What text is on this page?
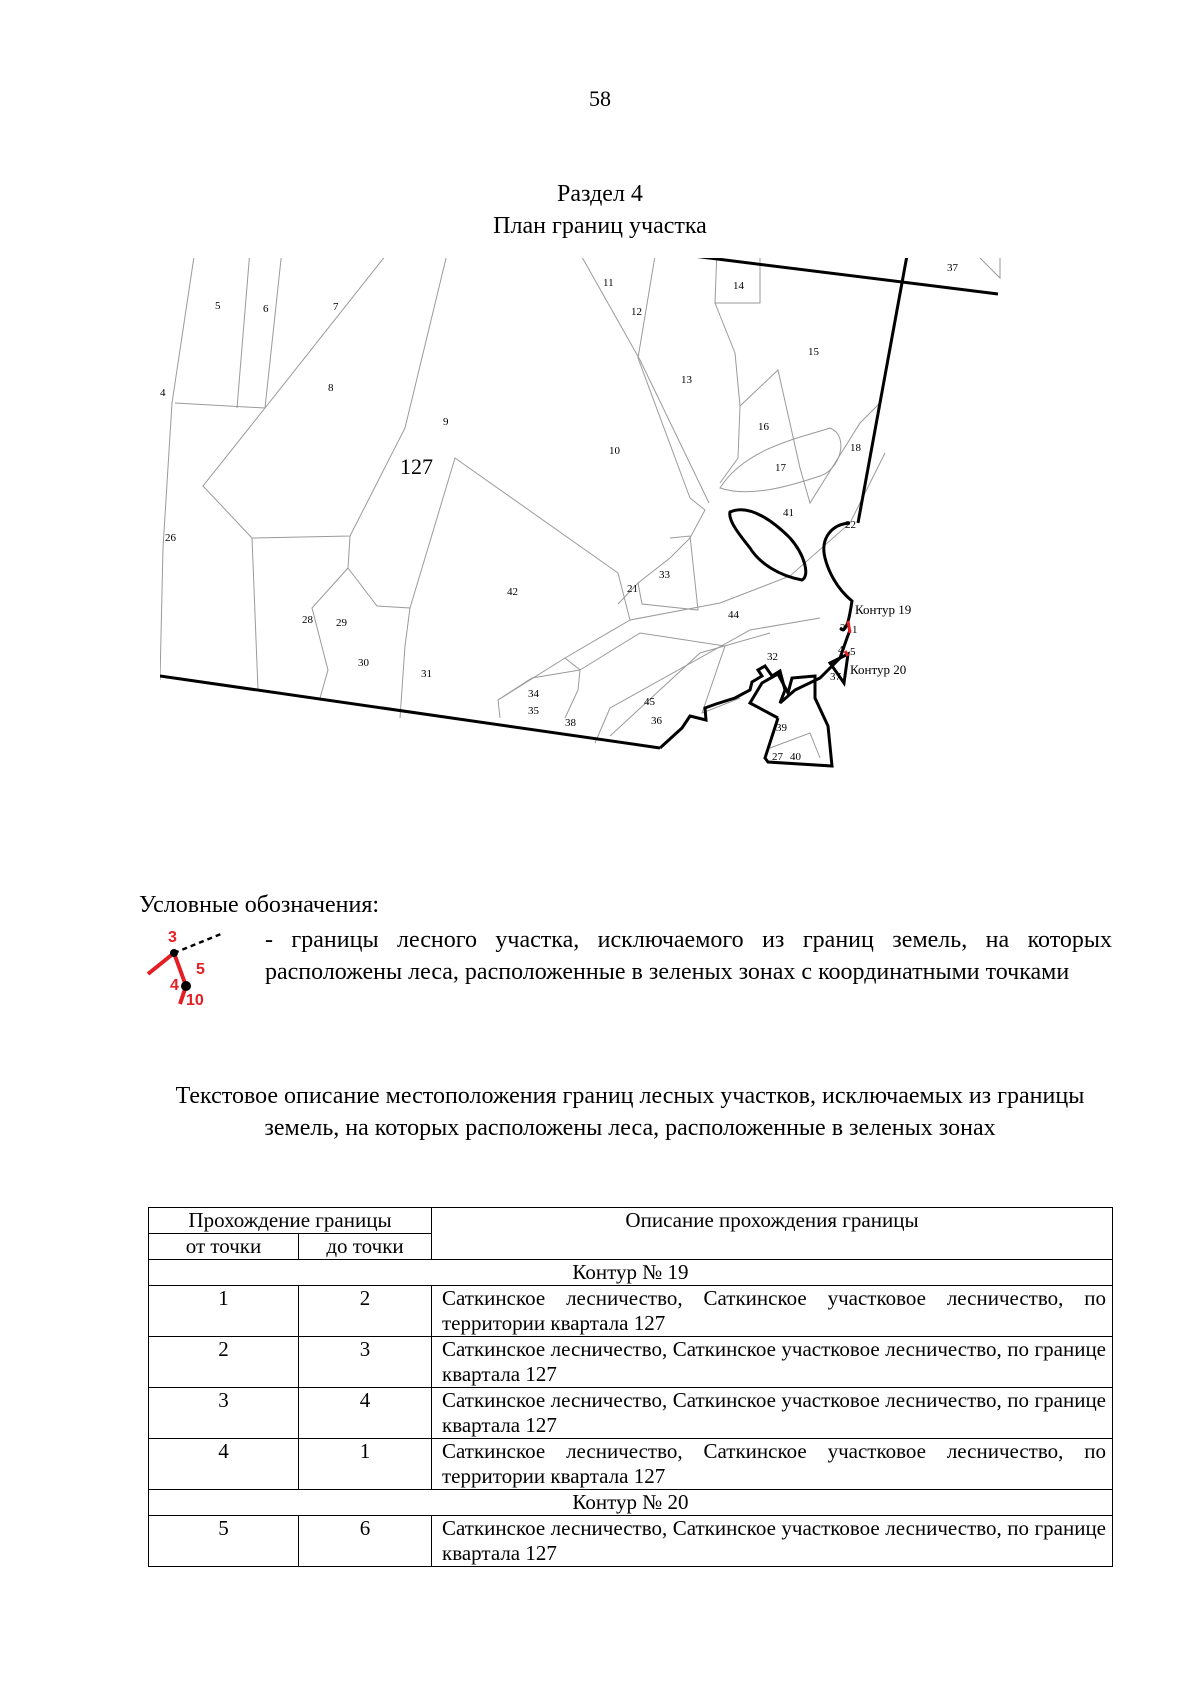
58
Раздел 4
План границ участка
4
5	6	7
8
9
10
11
12
13
14
15
16
17
18
21
22
26
27
28 29
30
31
32
33
34
35
36
37
37
38	39
40
41
42
44
45
127
2 1
4 5
Контур 19
Контур 20
Условные обозначения:
3
5
4
10
- границы лесного участка, исключаемого из границ земель, на которых расположены леса, расположенные в зеленых зонах с координатными точками
Текстовое описание местоположения границ лесных участков, исключаемых из границы земель, на которых расположены леса, расположенные в зеленых зонах
Прохождение границы		Описание прохождения границы
от точки	до точки	
Контур № 19		
1	2	Саткинское лесничество, Саткинское участковое лесничество, по территории квартала 127
2	3	Саткинское лесничество, Саткинское участковое лесничество, по границе квартала 127
3	4	Саткинское лесничество, Саткинское участковое лесничество, по границе квартала 127
4	1	Саткинское лесничество, Саткинское участковое лесничество, по территории квартала 127
Контур № 20		
5	6	Саткинское лесничество, Саткинское участковое лесничество, по границе квартала 127
